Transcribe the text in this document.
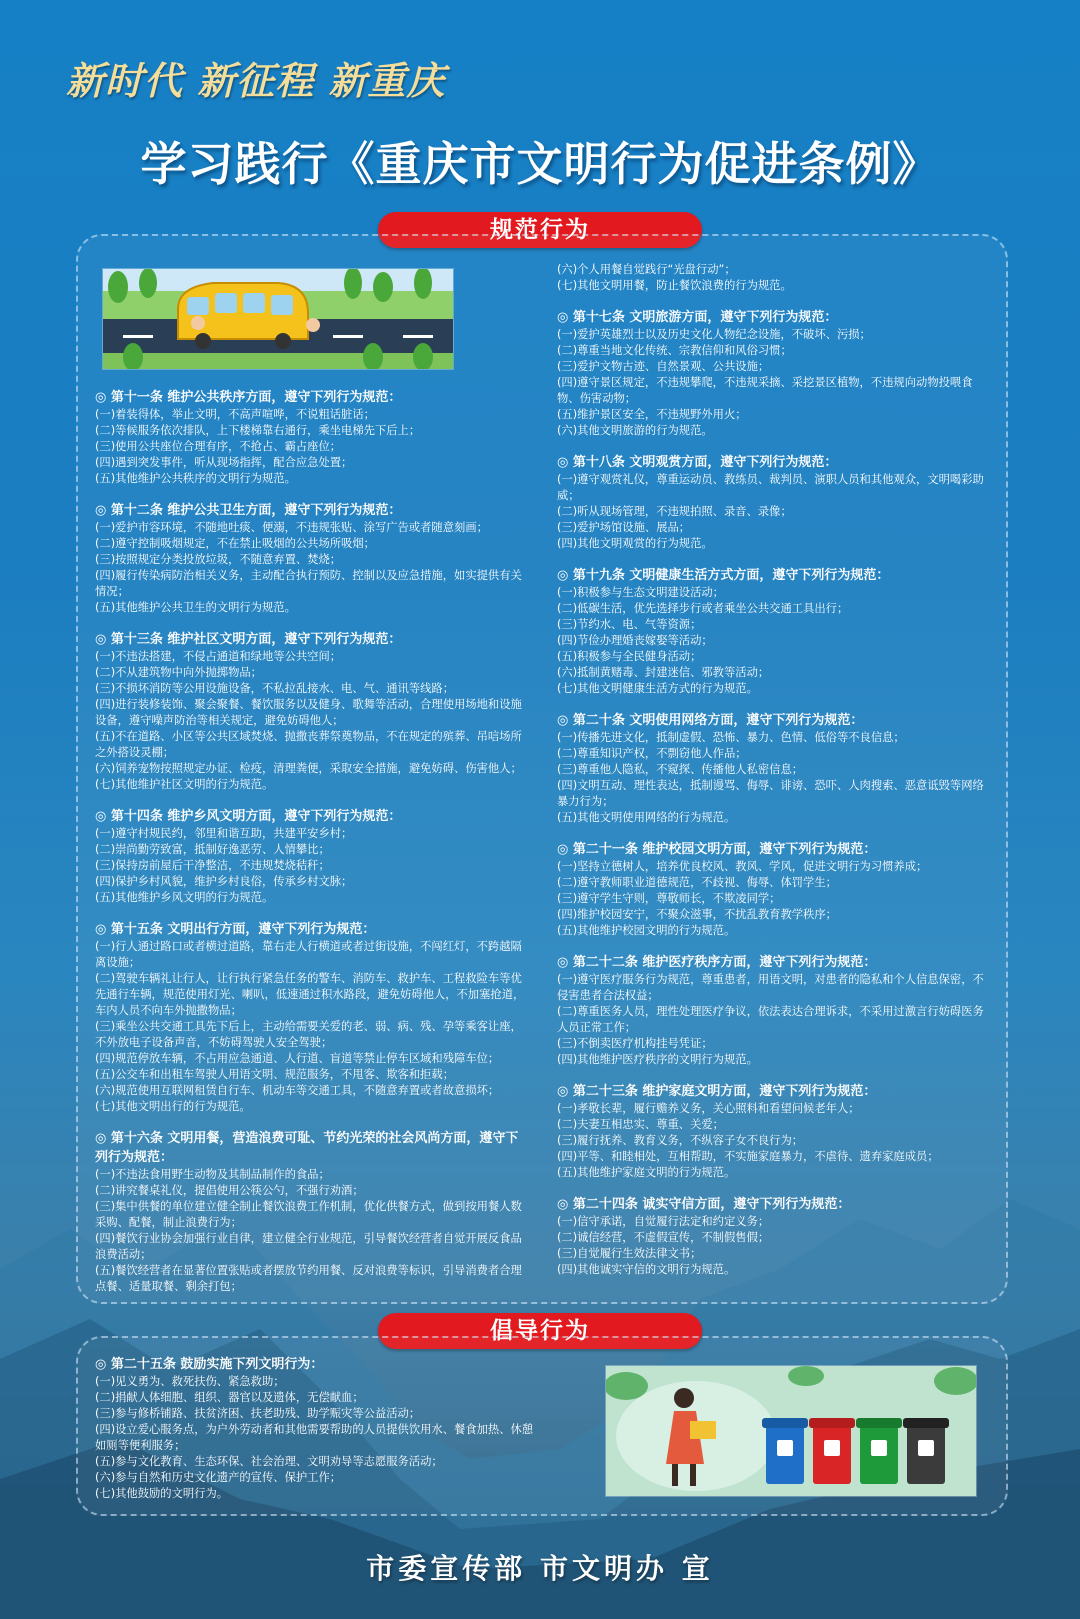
新时代 新征程 新重庆
学习践行《重庆市文明行为促进条例》
规范行为
◎ 第十一条 维护公共秩序方面，遵守下列行为规范：

(一)着装得体，举止文明，不高声喧哗，不说粗话脏话；

(二)等候服务依次排队，上下楼梯靠右通行，乘坐电梯先下后上；

(三)使用公共座位合理有序，不抢占、霸占座位；

(四)遇到突发事件，听从现场指挥，配合应急处置；

(五)其他维护公共秩序的文明行为规范。

◎ 第十二条 维护公共卫生方面，遵守下列行为规范：

(一)爱护市容环境，不随地吐痰、便溺，不违规张贴、涂写广告或者随意刻画；

(二)遵守控制吸烟规定，不在禁止吸烟的公共场所吸烟；

(三)按照规定分类投放垃圾，不随意弃置、焚烧；

(四)履行传染病防治相关义务，主动配合执行预防、控制以及应急措施，如实提供有关情况；

(五)其他维护公共卫生的文明行为规范。

◎ 第十三条 维护社区文明方面，遵守下列行为规范：

(一)不违法搭建，不侵占通道和绿地等公共空间；

(二)不从建筑物中向外抛掷物品；

(三)不损坏消防等公用设施设备，不私拉乱接水、电、气、通讯等线路；

(四)进行装修装饰、聚会聚餐、餐饮服务以及健身、歌舞等活动，合理使用场地和设施设备，遵守噪声防治等相关规定，避免妨碍他人；

(五)不在道路、小区等公共区域焚烧、抛撒丧葬祭奠物品，不在规定的殡葬、吊唁场所之外搭设灵棚；

(六)饲养宠物按照规定办证、检疫，清理粪便，采取安全措施，避免妨碍、伤害他人；

(七)其他维护社区文明的行为规范。

◎ 第十四条 维护乡风文明方面，遵守下列行为规范：

(一)遵守村规民约，邻里和谐互助，共建平安乡村；

(二)崇尚勤劳致富，抵制好逸恶劳、人情攀比；

(三)保持房前屋后干净整洁，不违规焚烧秸秆；

(四)保护乡村风貌，维护乡村良俗，传承乡村文脉；

(五)其他维护乡风文明的行为规范。

◎ 第十五条 文明出行方面，遵守下列行为规范：

(一)行人通过路口或者横过道路，靠右走人行横道或者过街设施，不闯红灯，不跨越隔离设施；

(二)驾驶车辆礼让行人，让行执行紧急任务的警车、消防车、救护车、工程救险车等优先通行车辆，规范使用灯光、喇叭，低速通过积水路段，避免妨碍他人，不加塞抢道，车内人员不向车外抛撒物品；

(三)乘坐公共交通工具先下后上，主动给需要关爱的老、弱、病、残、孕等乘客让座，不外放电子设备声音，不妨碍驾驶人安全驾驶；

(四)规范停放车辆，不占用应急通道、人行道、盲道等禁止停车区域和残障车位；

(五)公交车和出租车驾驶人用语文明、规范服务，不甩客、欺客和拒载；

(六)规范使用互联网租赁自行车、机动车等交通工具，不随意弃置或者故意损坏；

(七)其他文明出行的行为规范。

◎ 第十六条 文明用餐，营造浪费可耻、节约光荣的社会风尚方面，遵守下列行为规范：

(一)不违法食用野生动物及其制品制作的食品；

(二)讲究餐桌礼仪，提倡使用公筷公勺，不强行劝酒；

(三)集中供餐的单位建立健全制止餐饮浪费工作机制，优化供餐方式，做到按用餐人数采购、配餐，制止浪费行为；

(四)餐饮行业协会加强行业自律，建立健全行业规范，引导餐饮经营者自觉开展反食品浪费活动；

(五)餐饮经营者在显著位置张贴或者摆放节约用餐、反对浪费等标识，引导消费者合理点餐、适量取餐、剩余打包；

(六)个人用餐自觉践行“光盘行动”；

(七)其他文明用餐，防止餐饮浪费的行为规范。

◎ 第十七条 文明旅游方面，遵守下列行为规范：

(一)爱护英雄烈士以及历史文化人物纪念设施，不破坏、污损；

(二)尊重当地文化传统、宗教信仰和风俗习惯；

(三)爱护文物古迹、自然景观、公共设施；

(四)遵守景区规定，不违规攀爬，不违规采摘、采挖景区植物，不违规向动物投喂食物、伤害动物；

(五)维护景区安全，不违规野外用火；

(六)其他文明旅游的行为规范。

◎ 第十八条 文明观赏方面，遵守下列行为规范：

(一)遵守观赏礼仪，尊重运动员、教练员、裁判员、演职人员和其他观众，文明喝彩助威；

(二)听从现场管理，不违规拍照、录音、录像；

(三)爱护场馆设施、展品；

(四)其他文明观赏的行为规范。

◎ 第十九条 文明健康生活方式方面，遵守下列行为规范：

(一)积极参与生态文明建设活动；

(二)低碳生活，优先选择步行或者乘坐公共交通工具出行；

(三)节约水、电、气等资源；

(四)节俭办理婚丧嫁娶等活动；

(五)积极参与全民健身活动；

(六)抵制黄赌毒、封建迷信、邪教等活动；

(七)其他文明健康生活方式的行为规范。

◎ 第二十条 文明使用网络方面，遵守下列行为规范：

(一)传播先进文化，抵制虚假、恐怖、暴力、色情、低俗等不良信息；

(二)尊重知识产权，不剽窃他人作品；

(三)尊重他人隐私，不窥探、传播他人私密信息；

(四)文明互动、理性表达，抵制谩骂、侮辱、诽谤、恐吓、人肉搜索、恶意诋毁等网络暴力行为；

(五)其他文明使用网络的行为规范。

◎ 第二十一条 维护校园文明方面，遵守下列行为规范：

(一)坚持立德树人，培养优良校风、教风、学风，促进文明行为习惯养成；

(二)遵守教师职业道德规范，不歧视、侮辱、体罚学生；

(三)遵守学生守则，尊敬师长，不欺凌同学；

(四)维护校园安宁，不聚众滋事，不扰乱教育教学秩序；

(五)其他维护校园文明的行为规范。

◎ 第二十二条 维护医疗秩序方面，遵守下列行为规范：

(一)遵守医疗服务行为规范，尊重患者，用语文明，对患者的隐私和个人信息保密，不侵害患者合法权益；

(二)尊重医务人员，理性处理医疗争议，依法表达合理诉求，不采用过激言行妨碍医务人员正常工作；

(三)不倒卖医疗机构挂号凭证；

(四)其他维护医疗秩序的文明行为规范。

◎ 第二十三条 维护家庭文明方面，遵守下列行为规范：

(一)孝敬长辈，履行赡养义务，关心照料和看望问候老年人；

(二)夫妻互相忠实、尊重、关爱；

(三)履行抚养、教育义务，不纵容子女不良行为；

(四)平等、和睦相处，互相帮助，不实施家庭暴力，不虐待、遗弃家庭成员；

(五)其他维护家庭文明的行为规范。

◎ 第二十四条 诚实守信方面，遵守下列行为规范：

(一)信守承诺，自觉履行法定和约定义务；

(二)诚信经营，不虚假宣传，不制假售假；

(三)自觉履行生效法律文书；

(四)其他诚实守信的文明行为规范。

倡导行为
◎ 第二十五条 鼓励实施下列文明行为：

(一)见义勇为、救死扶伤、紧急救助；

(二)捐献人体细胞、组织、器官以及遗体，无偿献血；

(三)参与修桥铺路、扶贫济困、扶老助残、助学赈灾等公益活动；

(四)设立爱心服务点，为户外劳动者和其他需要帮助的人员提供饮用水、餐食加热、休憩如厕等便利服务；

(五)参与文化教育、生态环保、社会治理、文明劝导等志愿服务活动；

(六)参与自然和历史文化遗产的宣传、保护工作；

(七)其他鼓励的文明行为。

市委宣传部 市文明办 宣
